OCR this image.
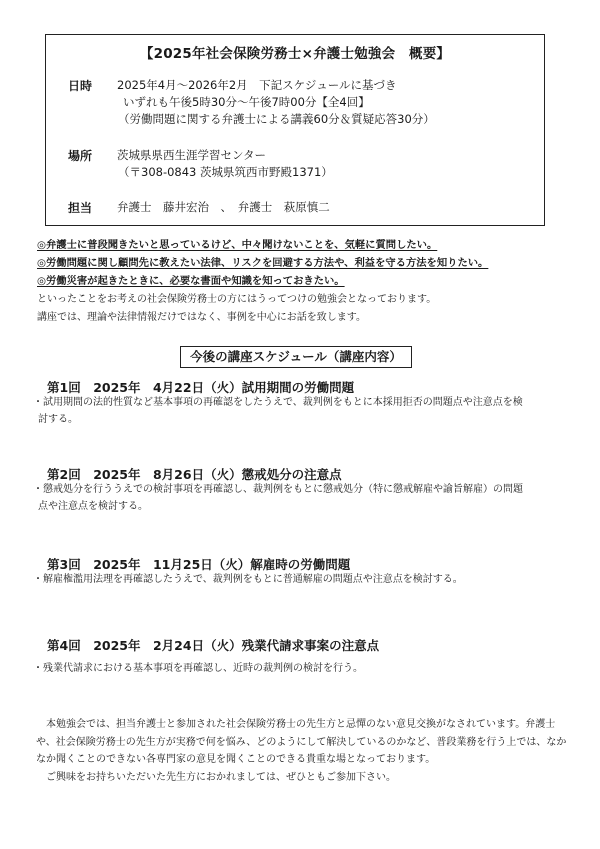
【2025年社会保険労務士×弁護士勉強会　概要】
日時 2025年4月～2026年2月　下記スケジュールに基づき
いずれも午後5時30分～午後7時00分【全4回】
（労働問題に関する弁護士による講義60分＆質疑応答30分）
場所 茨城県県西生涯学習センター
（〒308-0843 茨城県筑西市野殿1371）
担当 弁護士　藤井宏治　、　弁護士　萩原慎二
◎弁護士に普段聞きたいと思っているけど、中々聞けないことを、気軽に質問したい。
◎労働問題に関し顧問先に教えたい法律、リスクを回避する方法や、利益を守る方法を知りたい。
◎労働災害が起きたときに、必要な書面や知識を知っておきたい。
といったことをお考えの社会保険労務士の方にはうってつけの勉強会となっております。
講座では、理論や法律情報だけではなく、事例を中心にお話を致します。
今後の講座スケジュール（講座内容）
第1回　2025年　4月22日（火）試用期間の労働問題
・試用期間の法的性質など基本事項の再確認をしたうえで、裁判例をもとに本採用拒否の問題点や注意点を検
討する。
第2回　2025年　8月26日（火）懲戒処分の注意点
・懲戒処分を行ううえでの検討事項を再確認し、裁判例をもとに懲戒処分（特に懲戒解雇や諭旨解雇）の問題
点や注意点を検討する。
第3回　2025年　11月25日（火）解雇時の労働問題
・解雇権濫用法理を再確認したうえで、裁判例をもとに普通解雇の問題点や注意点を検討する。
第4回　2025年　2月24日（火）残業代請求事案の注意点
・残業代請求における基本事項を再確認し、近時の裁判例の検討を行う。
本勉強会では、担当弁護士と参加された社会保険労務士の先生方と忌憚のない意見交換がなされています。弁護士
や、社会保険労務士の先生方が実務で何を悩み、どのようにして解決しているのかなど、普段業務を行う上では、なか
なか聞くことのできない各専門家の意見を聞くことのできる貴重な場となっております。
ご興味をお持ちいただいた先生方におかれましては、ぜひともご参加下さい。
